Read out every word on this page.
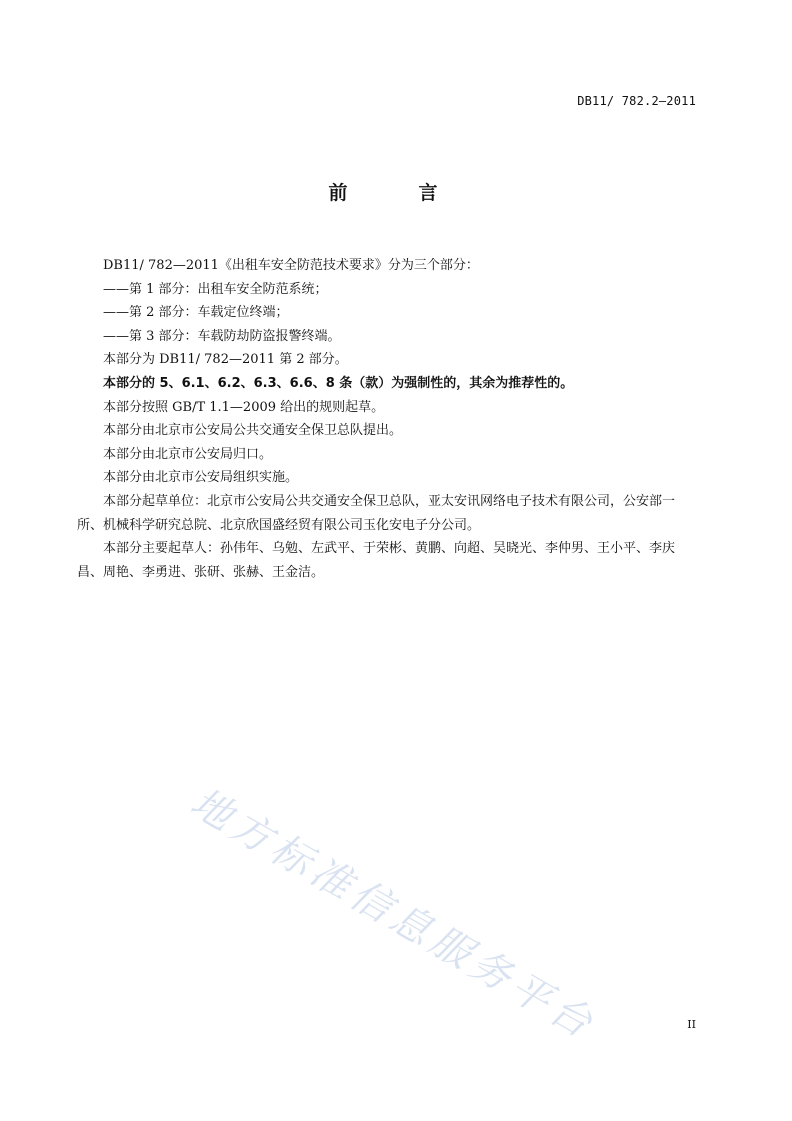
DB11/ 782.2—2011
前　言

DB11/ 782—2011《出租车安全防范技术要求》分为三个部分：

——第 1 部分：出租车安全防范系统；

——第 2 部分：车载定位终端；

——第 3 部分：车载防劫防盗报警终端。

本部分为 DB11/ 782—2011 第 2 部分。

本部分的 5、6.1、6.2、6.3、6.6、8 条（款）为强制性的，其余为推荐性的。

本部分按照 GB/T 1.1—2009 给出的规则起草。

本部分由北京市公安局公共交通安全保卫总队提出。

本部分由北京市公安局归口。

本部分由北京市公安局组织实施。

本部分起草单位：北京市公安局公共交通安全保卫总队，亚太安讯网络电子技术有限公司，公安部一所、机械科学研究总院、北京欣国盛经贸有限公司玉化安电子分公司。

本部分主要起草人：孙伟年、乌勉、左武平、于荣彬、黄鹏、向超、吴晓光、李仲男、王小平、李庆昌、周艳、李勇进、张研、张赫、王金洁。

地方标准信息服务平台	II
